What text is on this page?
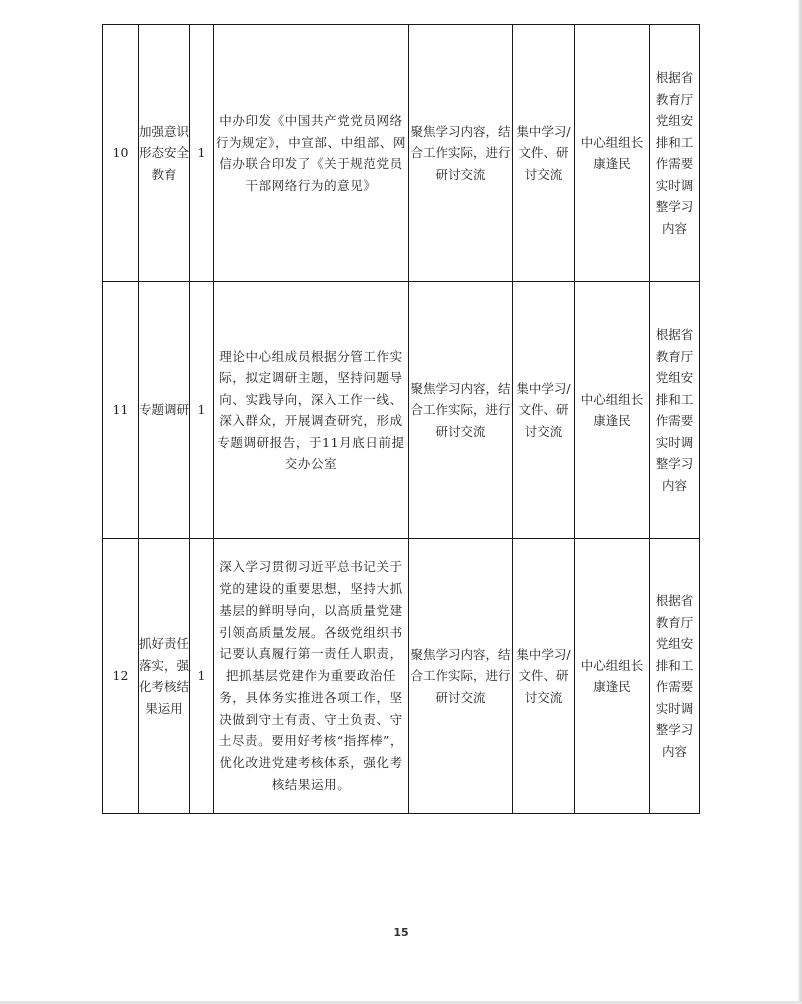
10	加强意识形态安全教育	1	中办印发《中国共产党党员网络行为规定》，中宣部、中组部、网信办联合印发了《关于规范党员干部网络行为的意见》	聚焦学习内容，结合工作实际，进行研讨交流	集中学习/文件、研讨交流	中心组组长康逢民	根据省教育厅党组安排和工作需要实时调整学习内容

11	专题调研	1	理论中心组成员根据分管工作实际，拟定调研主题，坚持问题导向、实践导向，深入工作一线、深入群众，开展调查研究，形成专题调研报告，于11月底日前提交办公室	聚焦学习内容，结合工作实际，进行研讨交流	集中学习/文件、研讨交流	中心组组长康逢民	根据省教育厅党组安排和工作需要实时调整学习内容

12	抓好责任落实，强化考核结果运用	1	深入学习贯彻习近平总书记关于党的建设的重要思想，坚持大抓基层的鲜明导向，以高质量党建引领高质量发展。各级党组织书记要认真履行第一责任人职责，把抓基层党建作为重要政治任务，具体务实推进各项工作，坚决做到守土有责、守土负责、守土尽责。要用好考核“指挥棒”，优化改进党建考核体系，强化考核结果运用。	聚焦学习内容，结合工作实际，进行研讨交流	集中学习/文件、研讨交流	中心组组长康逢民	根据省教育厅党组安排和工作需要实时调整学习内容
15
